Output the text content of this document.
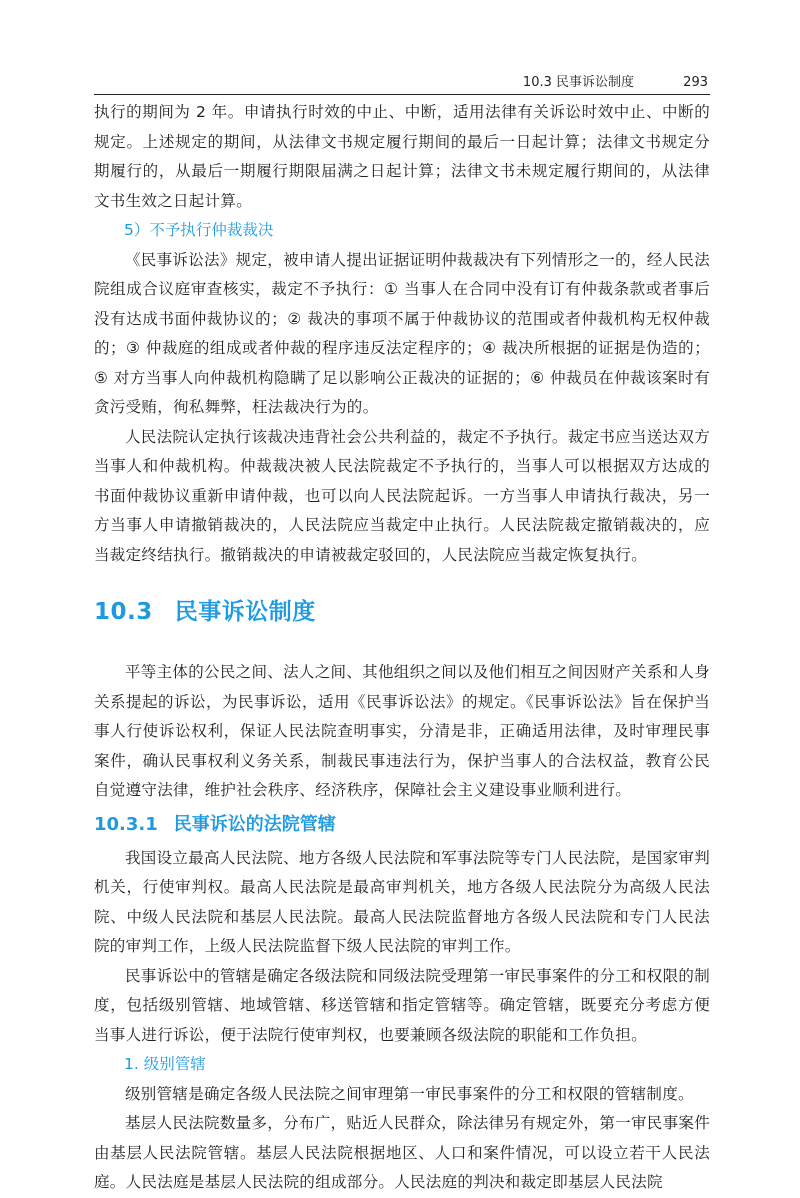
10.3 民事诉讼制度	293

执行的期间为 2 年。申请执行时效的中止、中断，适用法律有关诉讼时效中止、中断的规定。上述规定的期间，从法律文书规定履行期间的最后一日起计算；法律文书规定分期履行的，从最后一期履行期限届满之日起计算；法律文书未规定履行期间的，从法律文书生效之日起计算。

5）不予执行仲裁裁决

《民事诉讼法》规定，被申请人提出证据证明仲裁裁决有下列情形之一的，经人民法院组成合议庭审查核实，裁定不予执行：① 当事人在合同中没有订有仲裁条款或者事后没有达成书面仲裁协议的；② 裁决的事项不属于仲裁协议的范围或者仲裁机构无权仲裁的；③ 仲裁庭的组成或者仲裁的程序违反法定程序的；④ 裁决所根据的证据是伪造的；⑤ 对方当事人向仲裁机构隐瞒了足以影响公正裁决的证据的；⑥ 仲裁员在仲裁该案时有贪污受贿，徇私舞弊，枉法裁决行为的。

人民法院认定执行该裁决违背社会公共利益的，裁定不予执行。裁定书应当送达双方当事人和仲裁机构。仲裁裁决被人民法院裁定不予执行的，当事人可以根据双方达成的书面仲裁协议重新申请仲裁，也可以向人民法院起诉。一方当事人申请执行裁决，另一方当事人申请撤销裁决的，人民法院应当裁定中止执行。人民法院裁定撤销裁决的，应当裁定终结执行。撤销裁决的申请被裁定驳回的，人民法院应当裁定恢复执行。

10.3 民事诉讼制度

平等主体的公民之间、法人之间、其他组织之间以及他们相互之间因财产关系和人身关系提起的诉讼，为民事诉讼，适用《民事诉讼法》的规定。《民事诉讼法》旨在保护当事人行使诉讼权利，保证人民法院查明事实，分清是非，正确适用法律，及时审理民事案件，确认民事权利义务关系，制裁民事违法行为，保护当事人的合法权益，教育公民自觉遵守法律，维护社会秩序、经济秩序，保障社会主义建设事业顺利进行。

10.3.1 民事诉讼的法院管辖

我国设立最高人民法院、地方各级人民法院和军事法院等专门人民法院，是国家审判机关，行使审判权。最高人民法院是最高审判机关，地方各级人民法院分为高级人民法院、中级人民法院和基层人民法院。最高人民法院监督地方各级人民法院和专门人民法院的审判工作，上级人民法院监督下级人民法院的审判工作。

民事诉讼中的管辖是确定各级法院和同级法院受理第一审民事案件的分工和权限的制度，包括级别管辖、地域管辖、移送管辖和指定管辖等。确定管辖，既要充分考虑方便当事人进行诉讼，便于法院行使审判权，也要兼顾各级法院的职能和工作负担。

1. 级别管辖

级别管辖是确定各级人民法院之间审理第一审民事案件的分工和权限的管辖制度。

基层人民法院数量多，分布广，贴近人民群众，除法律另有规定外，第一审民事案件由基层人民法院管辖。基层人民法院根据地区、人口和案件情况，可以设立若干人民法庭。人民法庭是基层人民法院的组成部分。人民法庭的判决和裁定即基层人民法院
